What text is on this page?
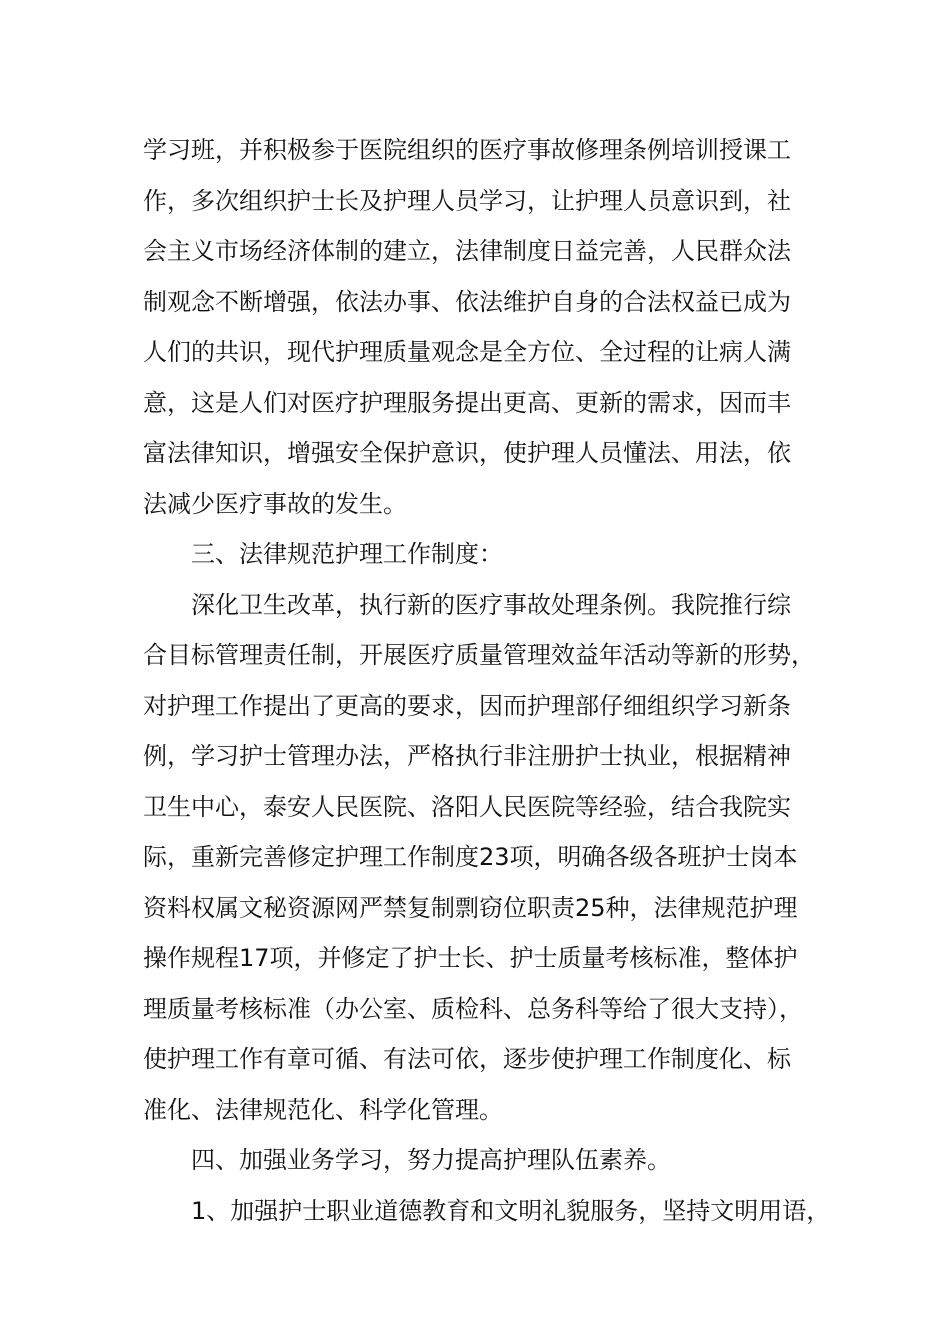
学习班，并积极参于医院组织的医疗事故修理条例培训授课工
作，多次组织护士长及护理人员学习，让护理人员意识到，社
会主义市场经济体制的建立，法律制度日益完善，人民群众法
制观念不断增强，依法办事、依法维护自身的合法权益已成为
人们的共识，现代护理质量观念是全方位、全过程的让病人满
意，这是人们对医疗护理服务提出更高、更新的需求，因而丰
富法律知识，增强安全保护意识，使护理人员懂法、用法，依
法减少医疗事故的发生。
三、法律规范护理工作制度：
深化卫生改革，执行新的医疗事故处理条例。我院推行综
合目标管理责任制，开展医疗质量管理效益年活动等新的形势，
对护理工作提出了更高的要求，因而护理部仔细组织学习新条
例，学习护士管理办法，严格执行非注册护士执业，根据精神
卫生中心，泰安人民医院、洛阳人民医院等经验，结合我院实
际，重新完善修定护理工作制度23项，明确各级各班护士岗本
资料权属文秘资源网严禁复制剽窃位职责25种，法律规范护理
操作规程17项，并修定了护士长、护士质量考核标准，整体护
理质量考核标准（办公室、质检科、总务科等给了很大支持），
使护理工作有章可循、有法可依，逐步使护理工作制度化、标
准化、法律规范化、科学化管理。
四、加强业务学习，努力提高护理队伍素养。
1、加强护士职业道德教育和文明礼貌服务，坚持文明用语，
